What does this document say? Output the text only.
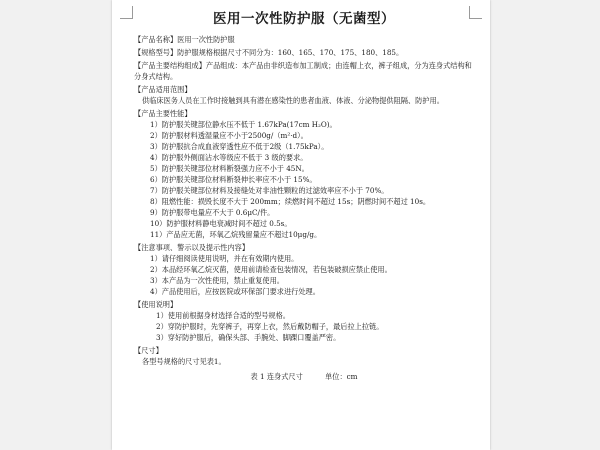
医用一次性防护服（无菌型）
【产品名称】医用一次性防护服
【规格型号】防护服规格根据尺寸不同分为：160、165、170、175、180、185。
【产品主要结构组成】产品组成：本产品由非织造布加工制成；由连帽上衣，裤子组成，分为连身式结构和分身式结构。
【产品适用范围】
供临床医务人员在工作时接触到具有潜在感染性的患者血液、体液、分泌物提供阻隔、防护用。
【产品主要性能】
1）防护服关键部位静水压不低于 1.67kPa(17cm H₂O)。
2）防护服材料透湿量应不小于2500g/（m²·d）。
3）防护服抗合成血液穿透性应不低于2级（1.75kPa）。
4）防护服外侧面沾水等级应不低于 3 级的要求。
5）防护服关键部位材料断裂强力应不小于 45N。
6）防护服关键部位材料断裂伸长率应不小于 15%。
7）防护服关键部位材料及接缝处对非油性颗粒的过滤效率应不小于 70%。
8）阻燃性能：损毁长度不大于 200mm；续燃时间不超过 15s；阴燃时间不超过 10s。
9）防护服带电量应不大于 0.6μC/件。
10）防护服材料静电衰减时间不超过 0.5s。
11）产品应无菌，环氧乙烷残留量应不超过10μg/g。
【注意事项、警示以及提示性内容】
1）请仔细阅读使用说明，并在有效期内使用。
2）本品经环氧乙烷灭菌，使用前请检查包装情况，若包装破损应禁止使用。
3）本产品为一次性使用，禁止重复使用。
4）产品使用后，应按医院或环保部门要求进行处理。
【使用说明】
1）使用前根据身材选择合适的型号规格。
2）穿防护服时，先穿裤子，再穿上衣，然后戴防帽子，最后拉上拉链。
3）穿好防护服后，确保头部、手腕处、脚踝口覆盖严密。
【尺寸】
各型号规格的尺寸见表1。
表 1 连身式尺寸	单位：cm
